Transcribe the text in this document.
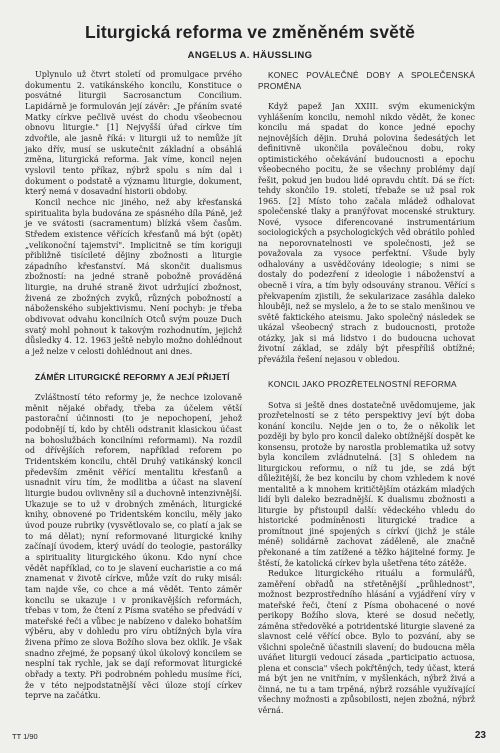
Liturgická reforma ve změněném světě
ANGELUS A. HÄUSSLING

Uplynulo už čtvrt století od promulgace prvého dokumentu 2. vatikánského koncilu, Konstituce o posvátné liturgii Sacrosanctum Concilium. Lapidárně je formulován její závěr: „Je přáním svaté Matky církve pečlivě uvést do chodu všeobecnou obnovu liturgie." [1] Nejvyšší úřad církve tím zdvořile, ale jasně říká: v liturgii už to nemůže jít jako dřív, musí se uskutečnit základní a obsáhlá změna, liturgická reforma. Jak víme, koncil nejen vyslovil tento příkaz, nýbrž spolu s ním dal i dokument o podstatě a významu liturgie, dokument, který nemá v dosavadní historii obdoby.

Koncil nechce nic jiného, než aby křesťanská spiritualita byla budována ze spásného díla Páně, jež je ve svátosti (sacramentum) blízká všem časům. Středem existence věřících křesťanů má být (opět) „velikonoční tajemství". Implicitně se tím koriguji přibližně tisícileté dějiny zbožnosti a liturgie západního křesťanství. Má skončit dualismus zbožností: na jedné straně pobožně prováděná liturgie, na druhé straně život udržující zbožnost, živená ze zbožných zvyků, různých pobožností a náboženského subjektivismu. Není pochyb: je třeba obdivovat odvahu koncilních Otců svým pouze Duch svatý mohl pohnout k takovým rozhodnutím, jejichž důsledky 4. 12. 1963 ještě nebylo možno dohlédnout a jež nelze v celosti dohlédnout ani dnes.

ZÁMĚR LITURGICKÉ REFORMY A JEJÍ PŘIJETÍ

Zvláštností této reformy je, že nechce izolovaně měnit nějaké obřady, třeba za účelem větší pastorační účinnosti (to je nepochopení, jehož podobnějí tí, kdo by chtěli odstranit klasickou účast na bohoslužbách koncilními reformami). Na rozdíl od dřívějších reforem, například reforem po Tridentském koncilu, chtěl Druhý vatikánský koncil především změnit věřící mentalitu křesťanů a usnadnit víru tím, že modlitba a účast na slavení liturgie budou ovlivněny sil a duchovně intenzivnější. Ukazuje se to už v drobných změnách, liturgické knihy, obnovené po Tridentském koncilu, měly jako úvod pouze rubriky (vysvětlovalo se, co platí a jak se to má dělat); nyní reformované liturgické knihy začínají úvodem, který uvádí do teologie, pastorálky a spirituality liturgického úkonu. Kdo nyní chce vědět například, co to je slavení eucharistie a co má znamenat v životě církve, může vzít do ruky misál: tam najde vše, co chce a má vědět. Tento záměr koncilu se ukazuje i v pronikavějších reformách, třebas v tom, že čtení z Písma svatého se předvádí v mateřské řeči a vůbec je nabízeno v daleko bohatším výběru, aby v dohledu pro víru obtížných byla víra živena přímo ze slova Božího slova bez oklik. Je však snadno zřejmé, že popsaný úkol úkolový koncilem se nesplní tak rychle, jak se dají reformovat liturgické obřady a texty. Při podrobném pohledu musíme říci, že v této nejpodstatnější věci úloze stojí církev teprve na začátku.

KONEC POVÁLEČNÉ DOBY A SPOLEČENSKÁ PROMĚNA

Když papež Jan XXIII. svým ekumenickým vyhlášením koncilu, nemohl nikdo vědět, že konec koncilu má spadat do konce jedné epochy nejnovějších dějin. Druhá polovina šedesátých let definitivně ukončila poválečnou dobu, roky optimistického očekávání budoucnosti a epochu všeobecného pocitu, že se všechny problémy dají řešit, pokud jen budou lidé opravdu chtít. Dá se říct: tehdy skončilo 19. století, třebaže se už psal rok 1965. [2] Místo toho začala mládež odhalovat společenské tlaky a pranýřovat mocenské struktury. Nové, vysoce diferencované instrumentárium sociologických a psychologických věd obrátilo pohled na neporovnatelnosti ve společnosti, jež se považovala za vysoce perfektní. Všude byly odhalovány a usvědčovány ideologie; s nimi se dostaly do podezření z ideologie i náboženství a obecně i víra, a tím byly odsouvány stranou. Věřící s překvapením zjistili, že sekularizace zasáhla daleko hlouběji, než se myslelo, a že to se stalo menšinou ve světě faktického ateismu. Jako společný následek se ukázal všeobecný strach z budoucnosti, protože otázky, jak si má lidstvo i do budoucna uchovat životní základ, se zdály být přespříliš obtížné; převážila řešení nejasou v obledou.

KONCIL JAKO PROZŘETELNOSTNÍ REFORMA

Sotva si ještě dnes dostatečně uvědomujeme, jak prozřetelností se z této perspektivy jeví být doba konání koncilu. Nejde jen o to, že o několik let později by bylo pro koncil daleko obtížnější dospět ke konsensu, protože by narostla problematika už sotvy byla koncilem zvládnutelná. [3] S ohledem na liturgickou reformu, o níž tu jde, se zdá být důležitější, že bez koncilu by chom vzhledem k nové mentalitě a k mnohem kritičtějším otázkám mladých lidí byli daleko bezradnější. K dualismu zbožnosti a liturgie by přistoupil další: vědeckého vhledu do historické podmíněnosti liturgické tradice a promítnout jiné spojených s církví (jichž je stále méně) solidárně zachovat záděleně, ale značně překonané a tím zatížené a těžko hájitelné formy. Je štěstí, že katolická církev byla ušetřena této zátěže.

Redukce liturgického rituálu a formulářů, zaměření obřadů na střetěnější „průhlednost", možnost bezprostředního hlásání a vyjádření víry v mateřské řeči, čtení z Písma obohacené o nové perikopy Božího slova, které se dosud nečetly, záměna středověké a potridentské liturgie slavené za slavnost celé věřící obce. Bylo to pozvání, aby se všichni společně účastnili slavení; do budoucna měla uváňet liturgii vedoucí zásada „participatio actuosa, plena et conscia" všech pokřtěných, tedy účast, která má být jen ne vnitřním, v myšlenkách, nýbrž živá a činná, ne tu a tam trpěná, nýbrž rozsáhle využívající všechny možnosti a způsobilosti, nejen zbožná, nýbrž věrná.

TT 1/90	23
